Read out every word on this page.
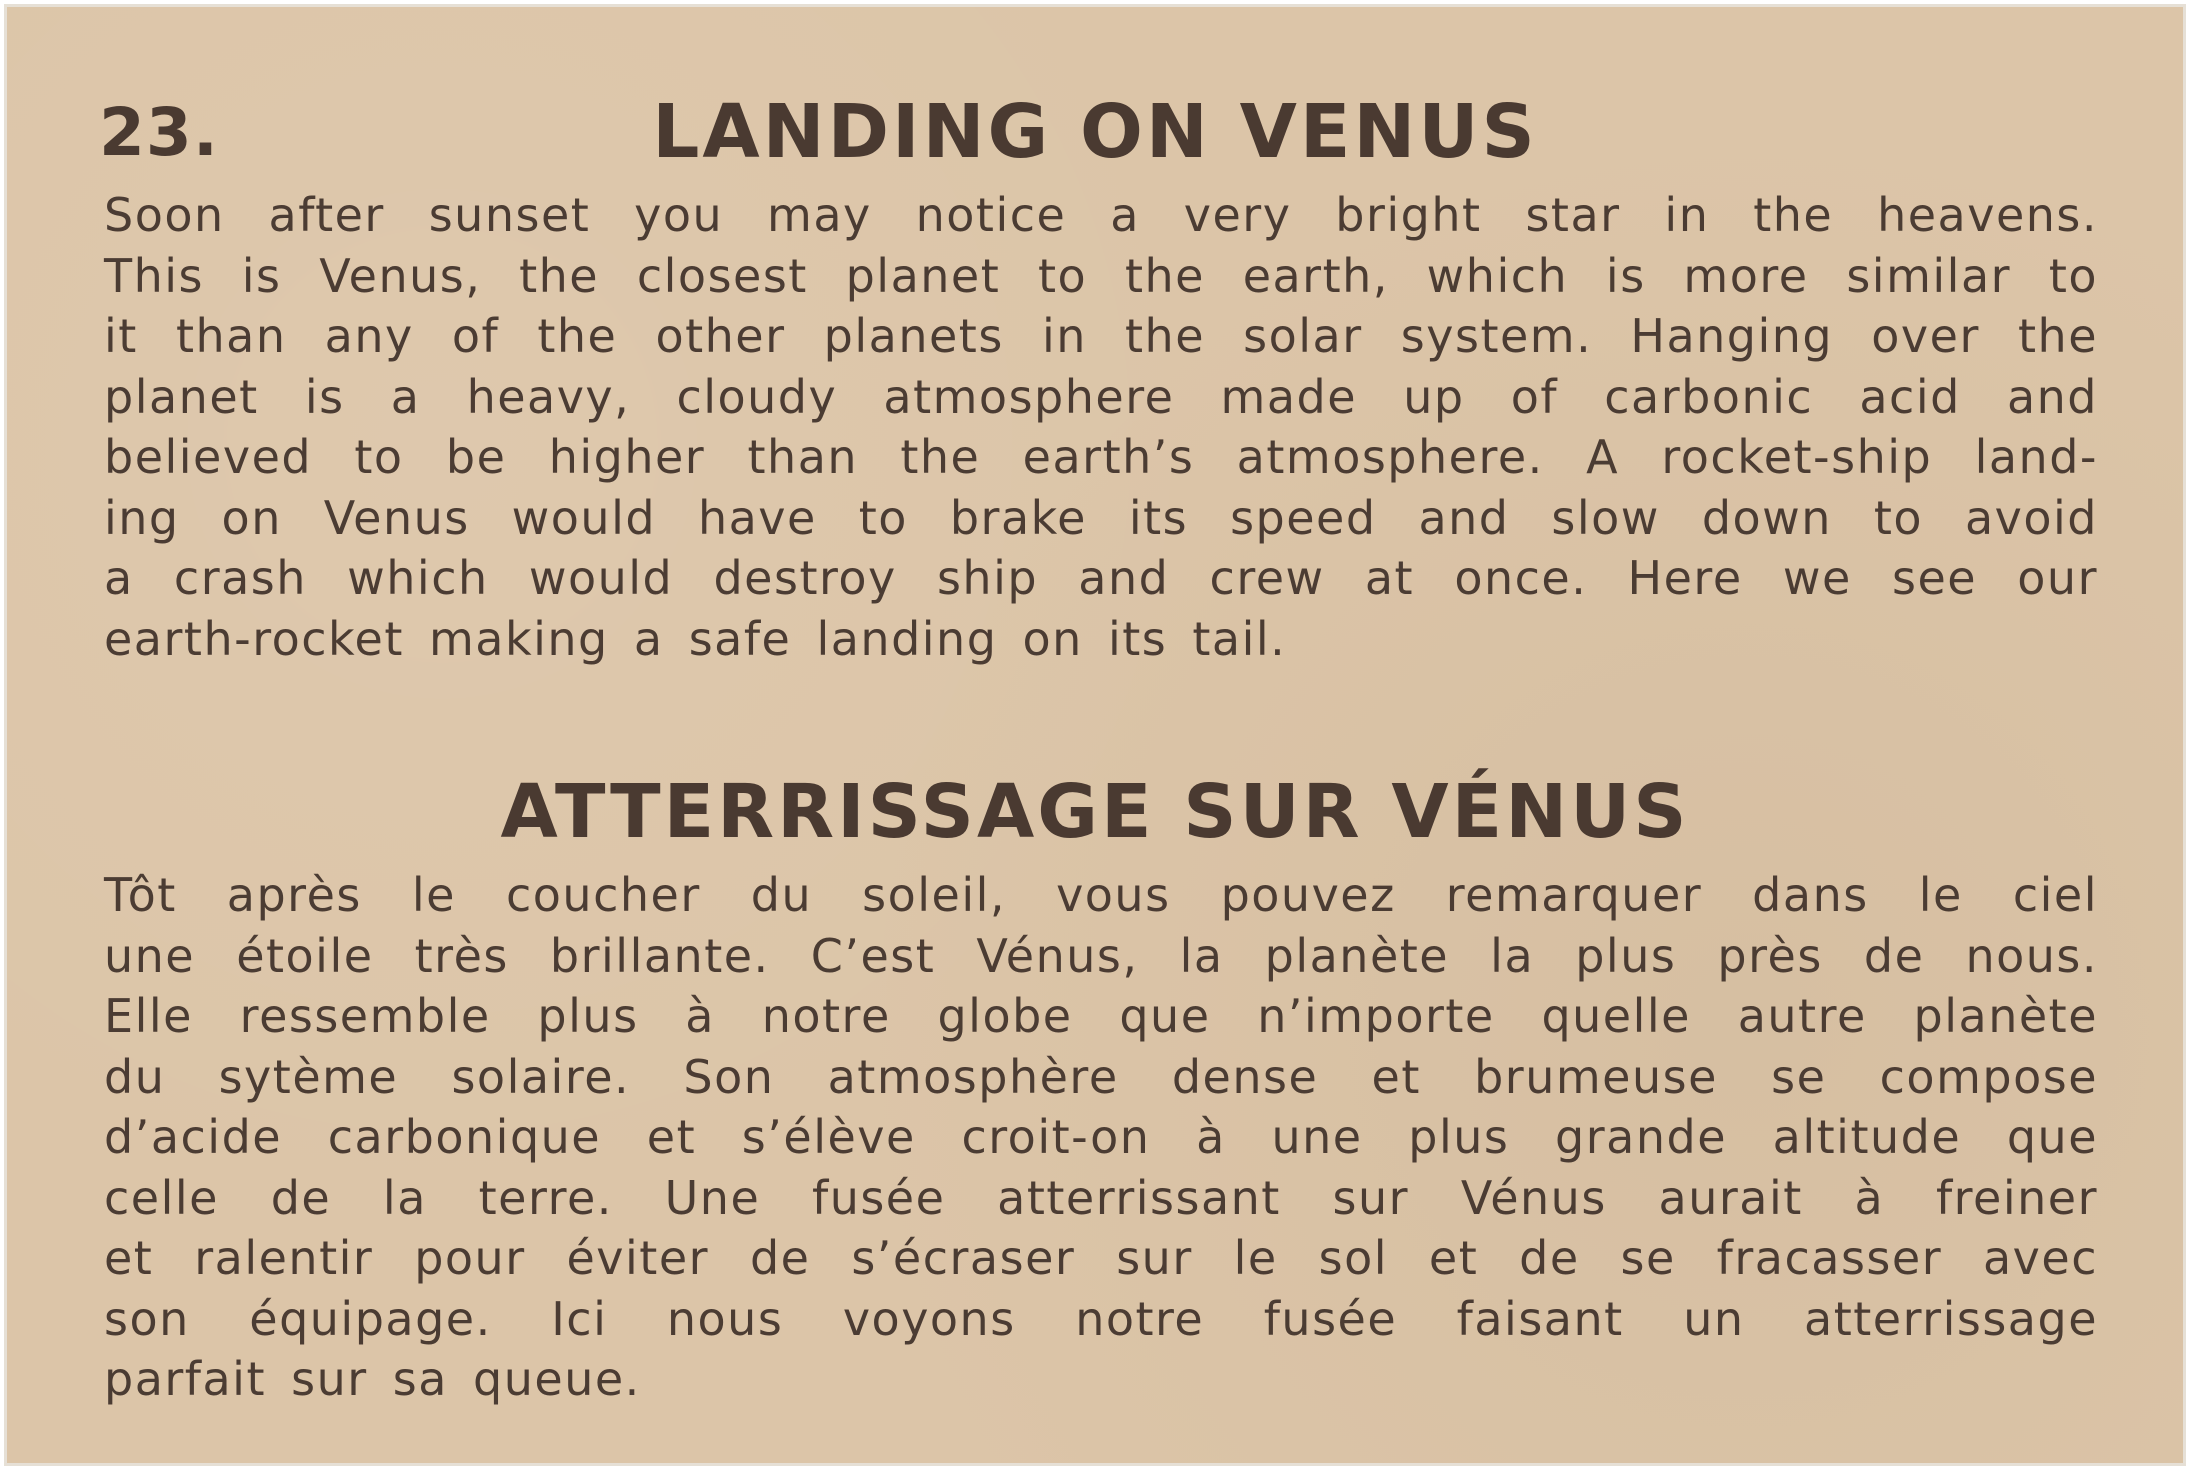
23.	LANDING ON VENUS
Soon after sunset you may notice a very bright star in the heavens.
This is Venus, the closest planet to the earth, which is more similar to
it than any of the other planets in the solar system. Hanging over the
planet is a heavy, cloudy atmosphere made up of carbonic acid and
believed to be higher than the earth’s atmosphere. A rocket-ship land-
ing on Venus would have to brake its speed and slow down to avoid
a crash which would destroy ship and crew at once. Here we see our
earth-rocket making a safe landing on its tail.
ATTERRISSAGE SUR VÉNUS
Tôt après le coucher du soleil, vous pouvez remarquer dans le ciel
une étoile très brillante. C’est Vénus, la planète la plus près de nous.
Elle ressemble plus à notre globe que n’importe quelle autre planète
du sytème solaire. Son atmosphère dense et brumeuse se compose
d’acide carbonique et s’élève croit-on à une plus grande altitude que
celle de la terre. Une fusée atterrissant sur Vénus aurait à freiner
et ralentir pour éviter de s’écraser sur le sol et de se fracasser avec
son équipage. Ici nous voyons notre fusée faisant un atterrissage
parfait sur sa queue.
